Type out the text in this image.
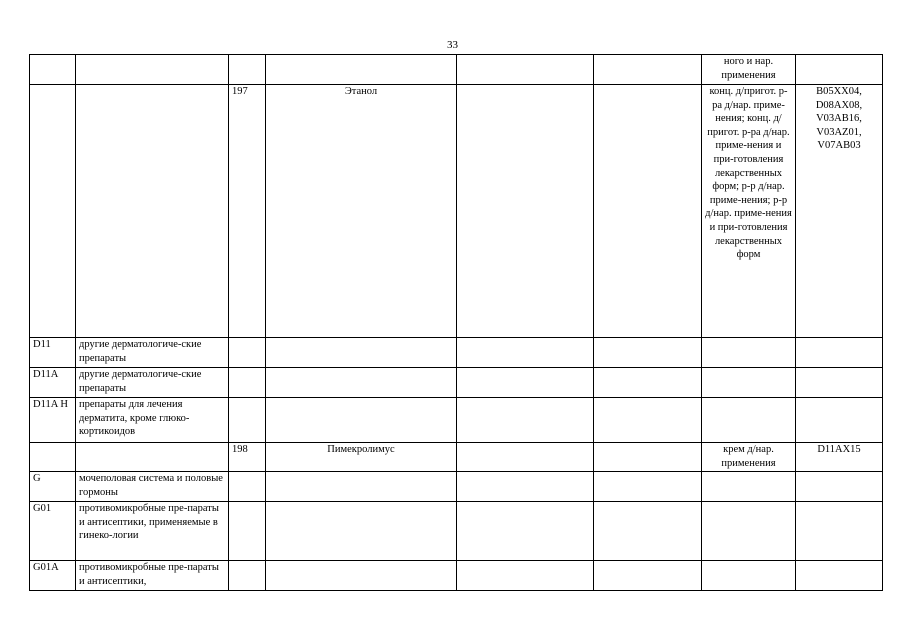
33
						ного и нар. применения	
		197	Этанол			конц. д/пригот. р-ра д/нар. приме-нения; конц. д/пригот. р-ра д/нар. приме-нения и при-готовления лекарственных форм; р-р д/нар. приме-нения; р-р д/нар. приме-нения и при-готовления лекарственных форм	B05XX04, D08AX08, V03AB16, V03AZ01, V07AB03
D11	другие дерматологиче-ские препараты						
D11A	другие дерматологиче-ские препараты						
D11A H	препараты для лечения дерматита, кроме глюко-кортикоидов						
		198	Пимекролимус			крем д/нар. применения	D11AX15
G	мочеполовая система и половые гормоны						
G01	противомикробные пре-параты и антисептики, применяемые в гинеко-логии						
G01A	противомикробные пре-параты и антисептики,						
